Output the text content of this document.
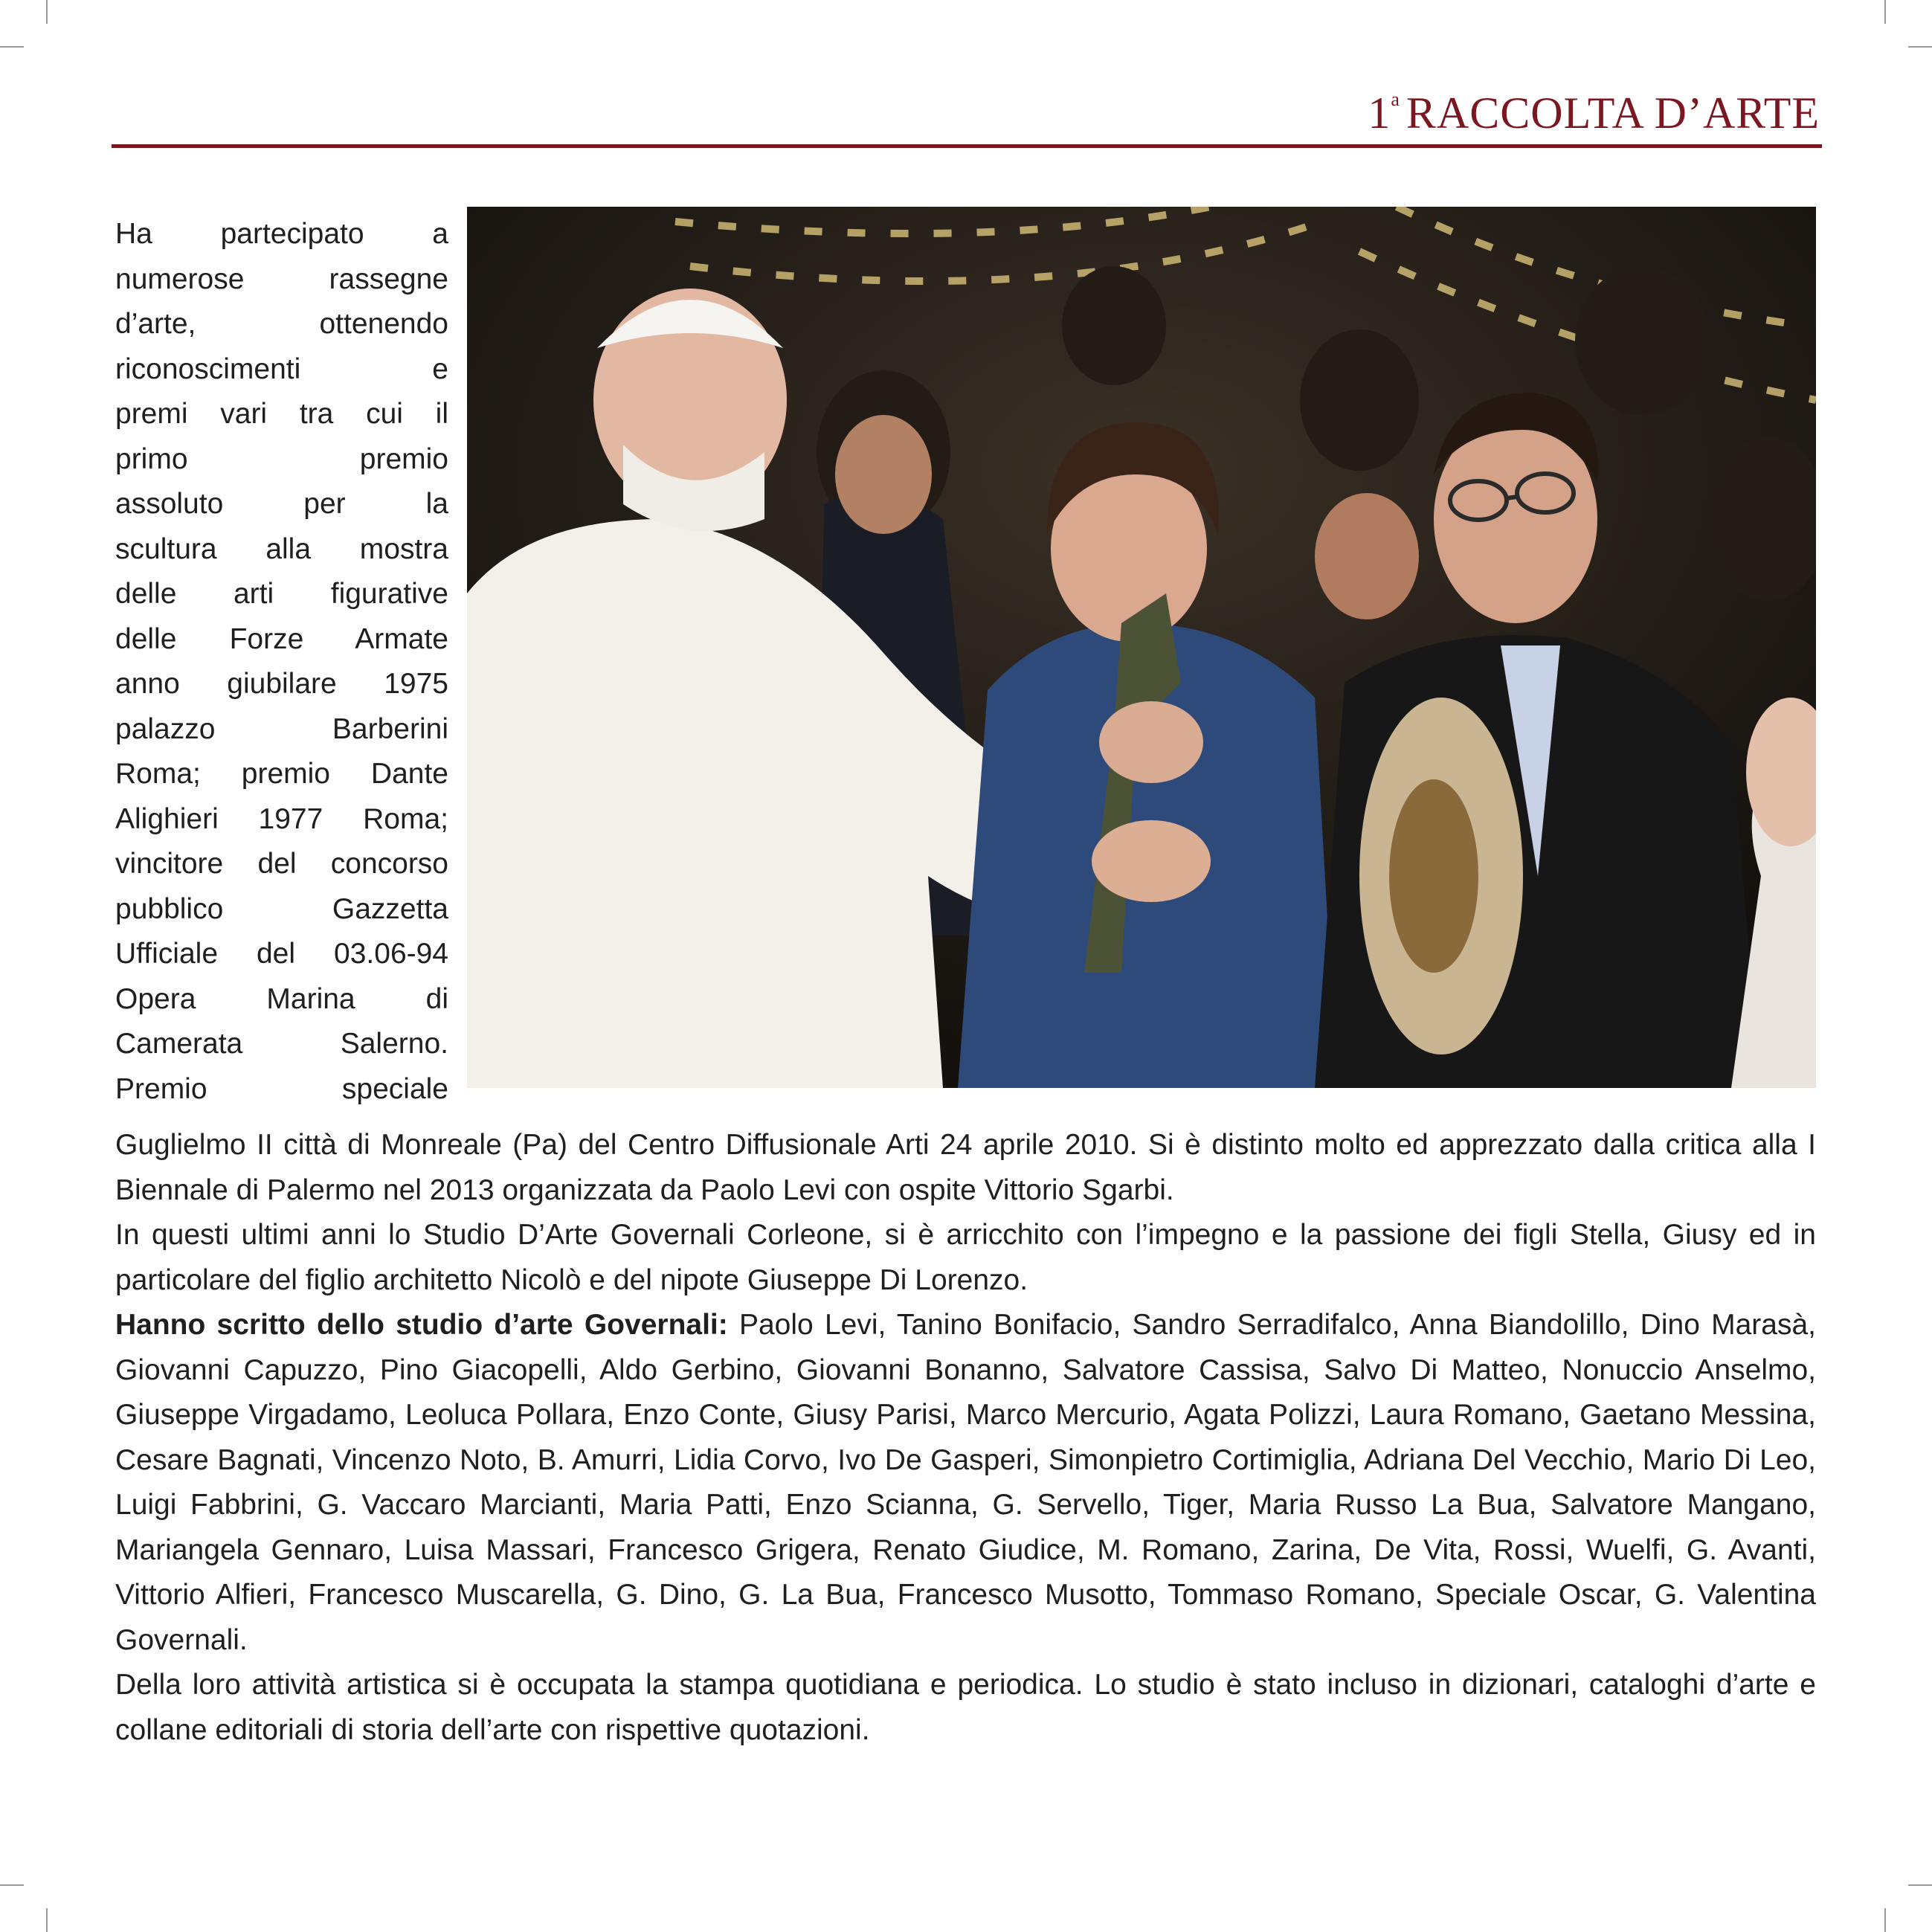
1$^a$ RACCOLTA D’ARTE
Ha partecipato a
numerose rassegne
d’arte, ottenendo
riconoscimenti e
premi vari tra cui il
primo premio
assoluto per la
scultura alla mostra
delle arti figurative
delle Forze Armate
anno giubilare 1975
palazzo Barberini
Roma; premio Dante
Alighieri 1977 Roma;
vincitore del concorso
pubblico Gazzetta
Ufficiale del 03.06-94
Opera Marina di
Camerata Salerno.
Premio speciale

Guglielmo II città di Monreale (Pa) del Centro Diffusionale Arti 24 aprile 2010. Si è distinto molto ed apprezzato dalla critica alla I Biennale di Palermo nel 2013 organizzata da Paolo Levi con ospite Vittorio Sgarbi.

In questi ultimi anni lo Studio D’Arte Governali Corleone, si è arricchito con l’impegno e la passione dei figli Stella, Giusy ed in particolare del figlio architetto Nicolò e del nipote Giuseppe Di Lorenzo.

Hanno scritto dello studio d’arte Governali: Paolo Levi, Tanino Bonifacio, Sandro Serradifalco, Anna Biandolillo, Dino Marasà, Giovanni Capuzzo, Pino Giacopelli, Aldo Gerbino, Giovanni Bonanno, Salvatore Cassisa, Salvo Di Matteo, Nonuccio Anselmo, Giuseppe Virgadamo, Leoluca Pollara, Enzo Conte, Giusy Parisi, Marco Mercurio, Agata Polizzi, Laura Romano, Gaetano Messina, Cesare Bagnati, Vincenzo Noto, B. Amurri, Lidia Corvo, Ivo De Gasperi, Simonpietro Cortimiglia, Adriana Del Vecchio, Mario Di Leo, Luigi Fabbrini, G. Vaccaro Marcianti, Maria Patti, Enzo Scianna, G. Servello, Tiger, Maria Russo La Bua, Salvatore Mangano, Mariangela Gennaro, Luisa Massari, Francesco Grigera, Renato Giudice, M. Romano, Zarina, De Vita, Rossi, Wuelfi, G. Avanti, Vittorio Alfieri, Francesco Muscarella, G. Dino, G. La Bua, Francesco Musotto, Tommaso Romano, Speciale Oscar, G. Valentina Governali.

Della loro attività artistica si è occupata la stampa quotidiana e periodica. Lo studio è stato incluso in dizionari, cataloghi d’arte e collane editoriali di storia dell’arte con rispettive quotazioni.
